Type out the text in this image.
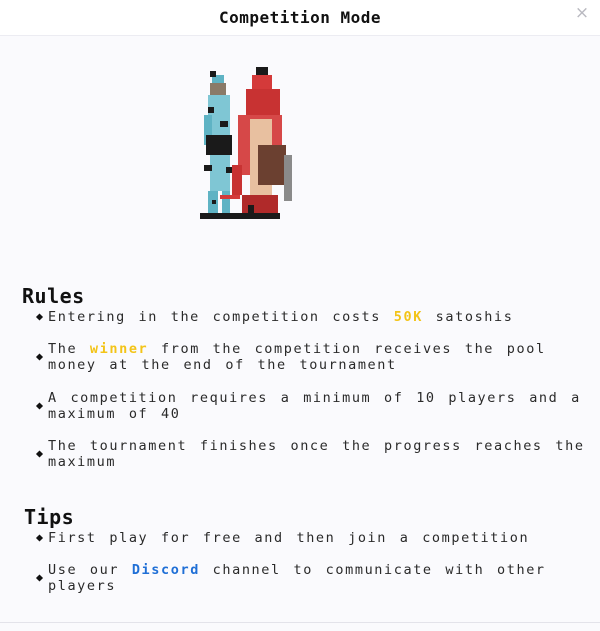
Competition Mode	×
Rules
Entering in the competition costs 50K satoshis
The winner from the competition receives the pool money at the end of the tournament
A competition requires a minimum of 10 players and a maximum of 40
The tournament finishes once the progress reaches the maximum
Tips
First play for free and then join a competition
Use our Discord channel to communicate with other players
